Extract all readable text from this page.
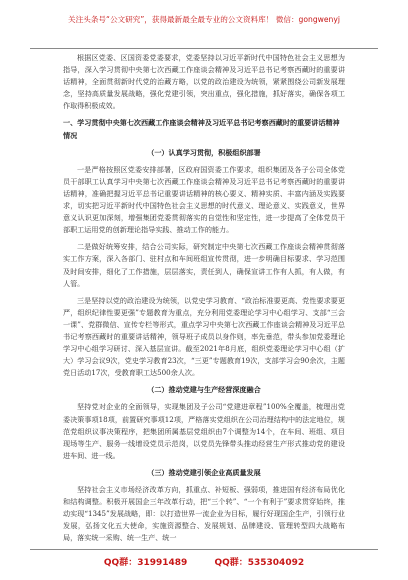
关注头条号“公文研究”，获得最新最全最专业的公文资料库！ 微信：gongwenyj

根据区党委、区国资委党委要求，党委坚持以习近平新时代中国特色社会主义思想为指导，深入学习贯彻中央第七次西藏工作座谈会精神及习近平总书记考察西藏时的重要讲话精神，全面贯彻新时代党的治藏方略，以党的政治建设为统领，紧紧围绕公司新发展理念，坚持高质量发展战略，强化党建引领，突出重点，强化措施，抓好落实，确保各项工作取得积极成效。

一、学习贯彻中央第七次西藏工作座谈会精神及习近平总书记考察西藏时的重要讲话精神情况

（一）认真学习贯彻，积极组织部署

一是严格按照区党委安排部署，区政府国资委工作要求，组织集团及各子公司全体党员干部职工认真学习中央第七次西藏工作座谈会精神及习近平总书记考察西藏时的重要讲话精神，准确把握习近平总书记重要讲话精神的核心要义、精神实质、丰富内涵及实践要求，切实把习近平新时代中国特色社会主义思想的时代意义、理论意义、实践意义，世界意义认识更加深刻，增强集团党委贯彻落实的自觉性和坚定性，进一步提高了全体党员干部职工运用党的创新理论指导实践、推动工作的能力。

二是做好统筹安排，结合公司实际，研究制定中央第七次西藏工作座谈会精神贯彻落实工作方案，深入各部门、驻村点和车间班组宣传贯彻，进一步明确目标要求、学习范围及时间安排，细化了工作措施，层层落实，责任到人，确保宣讲工作有人抓，有人做，有人管。

三是坚持以党的政治建设为统领，以党史学习教育、“政治标准要更高、党性要求要更严，组织纪律性要更强”专题教育为重点，充分利用党委理论学习中心组学习、支部“三会一课”、党群微信、宣传专栏等形式，重点学习中央第七次西藏工作座谈会精神及习近平总书记考察西藏时的重要讲话精神，领导班子成员以身作则，率先垂范，带头参加党委理论学习中心组学习研讨、深入基层宣讲。截至2021年8月底，组织党委理论学习中心组（扩大）学习会议9次，党史学习教育23次，“三更”专题教育19次，支部学习会90余次，主题党日活动17次，受教育职工达500余人次。

（二）推动党建与生产经营深度融合

坚持党对企业的全面领导，实现集团及子公司“党建进章程”100%全覆盖，梳理出党委决策事项18项，前置研究事项12项，严格落实党组织在公司治理结构中的法定地位，规范党组织议事决策程序，把集团所属基层党组织由7个调整为14个，在车间、班组、项目现场等生产、服务一线增设党员示范岗，以党员先锋带头推动经营生产形式推动党的建设进车间、进一线。

（三）推动党建引领企业高质量发展

坚持社会主义市场经济改革方向，抓重点、补短板、强弱项，推进国有经济布局优化和结构调整。积极开展国企三年改革行动，把“三个转”、“一个有利于”要求贯穿始终，推动实现“1345”发展战略，即：以打造世界一流企业为目标，履行好现国企生产，引领行业发展，弘扬文化五大使命，实施资源整合、发展规划、品牌建设、管理转型四大战略布局，落实统一采购、统一生产、统一

QQ群：31991489	QQ群：535304092
